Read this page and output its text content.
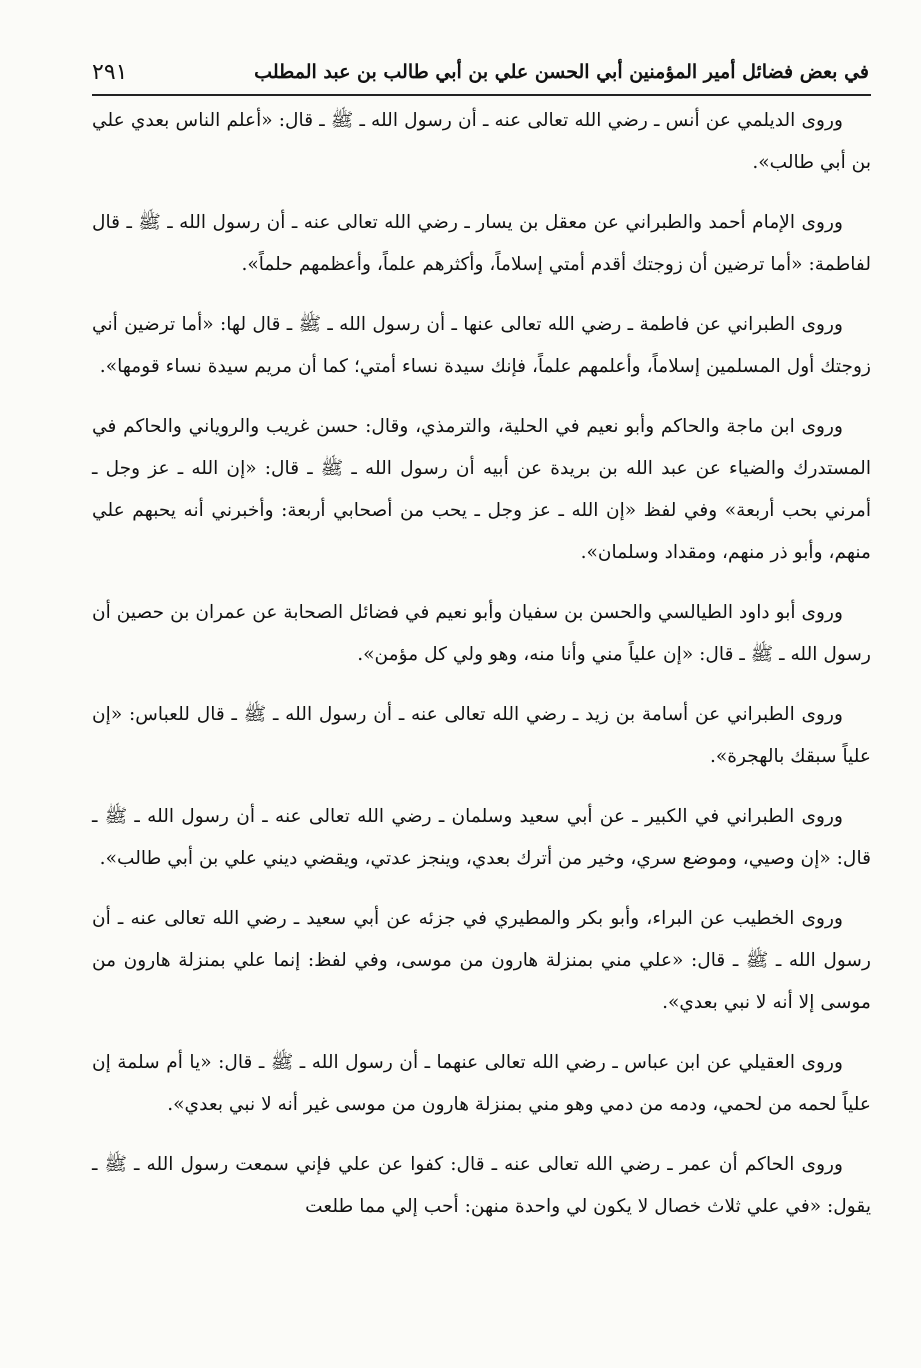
في بعض فضائل أمير المؤمنين أبي الحسن علي بن أبي طالب بن عبد المطلب
٢٩١

وروى الديلمي عن أنس ـ رضي الله تعالى عنه ـ أن رسول الله ـ ﷺ ـ قال: «أعلم الناس بعدي علي بن أبي طالب».

وروى الإمام أحمد والطبراني عن معقل بن يسار ـ رضي الله تعالى عنه ـ أن رسول الله ـ ﷺ ـ قال لفاطمة: «أما ترضين أن زوجتك أقدم أمتي إسلاماً، وأكثرهم علماً، وأعظمهم حلماً».

وروى الطبراني عن فاطمة ـ رضي الله تعالى عنها ـ أن رسول الله ـ ﷺ ـ قال لها: «أما ترضين أني زوجتك أول المسلمين إسلاماً، وأعلمهم علماً، فإنك سيدة نساء أمتي؛ كما أن مريم سيدة نساء قومها».

وروى ابن ماجة والحاكم وأبو نعيم في الحلية، والترمذي، وقال: حسن غريب والروياني والحاكم في المستدرك والضياء عن عبد الله بن بريدة عن أبيه أن رسول الله ـ ﷺ ـ قال: «إن الله ـ عز وجل ـ أمرني بحب أربعة» وفي لفظ «إن الله ـ عز وجل ـ يحب من أصحابي أربعة: وأخبرني أنه يحبهم علي منهم، وأبو ذر منهم، ومقداد وسلمان».

وروى أبو داود الطيالسي والحسن بن سفيان وأبو نعيم في فضائل الصحابة عن عمران بن حصين أن رسول الله ـ ﷺ ـ قال: «إن علياً مني وأنا منه، وهو ولي كل مؤمن».

وروى الطبراني عن أسامة بن زيد ـ رضي الله تعالى عنه ـ أن رسول الله ـ ﷺ ـ قال للعباس: «إن علياً سبقك بالهجرة».

وروى الطبراني في الكبير ـ عن أبي سعيد وسلمان ـ رضي الله تعالى عنه ـ أن رسول الله ـ ﷺ ـ قال: «إن وصيي، وموضع سري، وخير من أترك بعدي، وينجز عدتي، ويقضي ديني علي بن أبي طالب».

وروى الخطيب عن البراء، وأبو بكر والمطيري في جزئه عن أبي سعيد ـ رضي الله تعالى عنه ـ أن رسول الله ـ ﷺ ـ قال: «علي مني بمنزلة هارون من موسى، وفي لفظ: إنما علي بمنزلة هارون من موسى إلا أنه لا نبي بعدي».

وروى العقيلي عن ابن عباس ـ رضي الله تعالى عنهما ـ أن رسول الله ـ ﷺ ـ قال: «يا أم سلمة إن علياً لحمه من لحمي، ودمه من دمي وهو مني بمنزلة هارون من موسى غير أنه لا نبي بعدي».

وروى الحاكم أن عمر ـ رضي الله تعالى عنه ـ قال: كفوا عن علي فإني سمعت رسول الله ـ ﷺ ـ يقول: «في علي ثلاث خصال لا يكون لي واحدة منهن: أحب إلي مما طلعت
